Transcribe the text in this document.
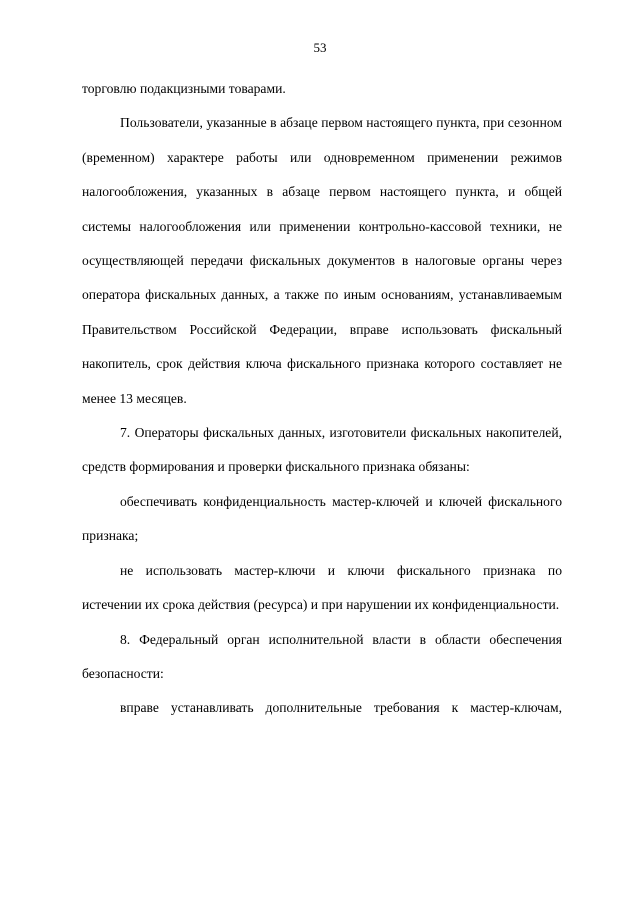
53

торговлю подакцизными товарами.

Пользователи, указанные в абзаце первом настоящего пункта, при сезонном (временном) характере работы или одновременном применении режимов налогообложения, указанных в абзаце первом настоящего пункта, и общей системы налогообложения или применении контрольно-кассовой техники, не осуществляющей передачи фискальных документов в налоговые органы через оператора фискальных данных, а также по иным основаниям, устанавливаемым Правительством Российской Федерации, вправе использовать фискальный накопитель, срок действия ключа фискального признака которого составляет не менее 13 месяцев.

7. Операторы фискальных данных, изготовители фискальных накопителей, средств формирования и проверки фискального признака обязаны:

обеспечивать конфиденциальность мастер-ключей и ключей фискального признака;

не использовать мастер-ключи и ключи фискального признака по истечении их срока действия (ресурса) и при нарушении их конфиденциальности.

8. Федеральный орган исполнительной власти в области обеспечения безопасности:

вправе устанавливать дополнительные требования к мастер-ключам,
